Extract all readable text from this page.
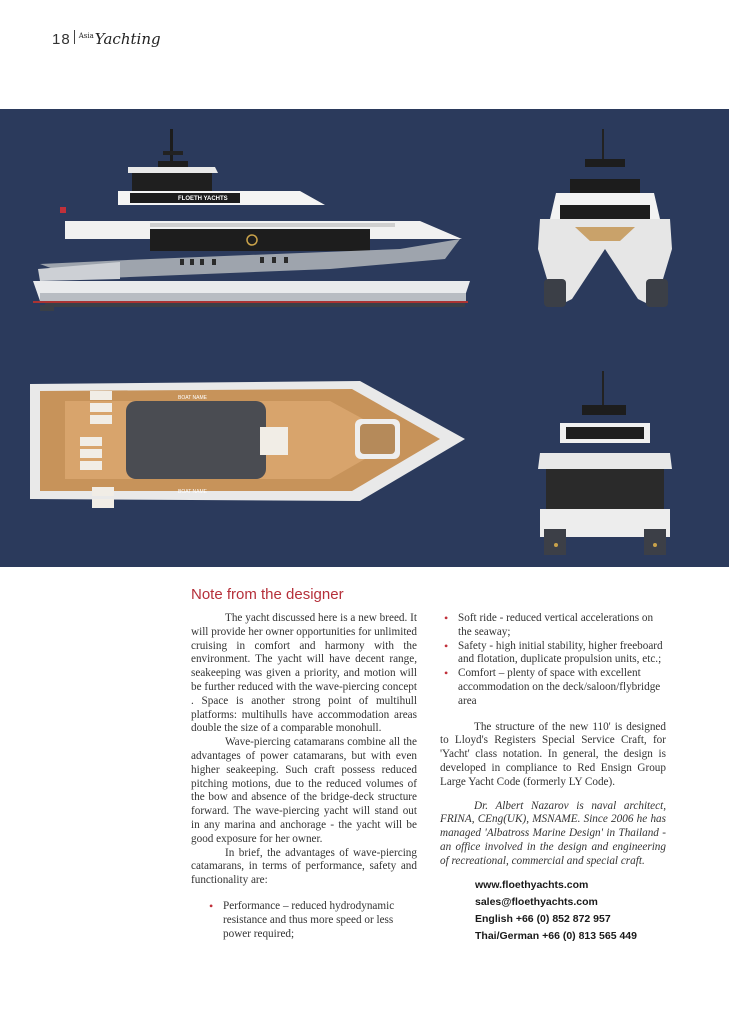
18 $^{Asia}$Yachting
FLOETH YACHTS
BOAT NAME
BOAT NAME
Note from the designer

The yacht discussed here is a new breed. It will provide her owner opportunities for unlimited cruising in comfort and harmony with the environment. The yacht will have decent range, seakeeping was given a priority, and motion will be further reduced with the wave-piercing concept . Space is another strong point of multihull platforms: multihulls have accommodation areas double the size of a comparable monohull.

Wave-piercing catamarans combine all the advantages of power catamarans, but with even higher seakeeping. Such craft possess reduced pitching motions, due to the reduced volumes of the bow and absence of the bridge-deck structure forward. The wave-piercing yacht will stand out in any marina and anchorage - the yacht will be good exposure for her owner.

In brief, the advantages of wave-piercing catamarans, in terms of performance, safety and functionality are:

• Performance – reduced hydrodynamic resistance and thus more speed or less power required;
• Soft ride - reduced vertical accelerations on the seaway;
• Safety - high initial stability, higher freeboard and flotation, duplicate propulsion units, etc.;
• Comfort – plenty of space with excellent accommodation on the deck/saloon/flybridge area

The structure of the new 110' is designed to Lloyd's Registers Special Service Craft, for 'Yacht' class notation. In general, the design is developed in compliance to Red Ensign Group Large Yacht Code (formerly LY Code).

Dr. Albert Nazarov is naval architect, FRINA, CEng(UK), MSNAME. Since 2006 he has managed 'Albatross Marine Design' in Thailand - an office involved in the design and engineering of recreational, commercial and special craft.

www.floethyachts.com
sales@floethyachts.com
English +66 (0) 852 872 957
Thai/German +66 (0) 813 565 449
